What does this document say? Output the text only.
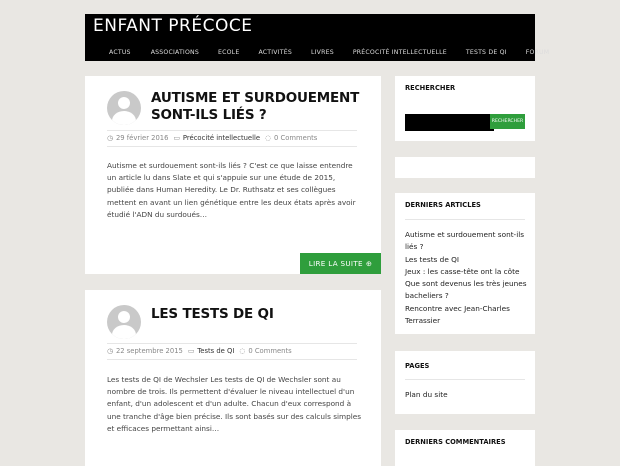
ENFANT PRÉCOCE
ACTUS	ASSOCIATIONS	ECOLE	ACTIVITÉS	LIVRES	PRÉCOCITÉ INTELLECTUELLE	TESTS DE QI	FORUM
AUTISME ET SURDOUEMENT SONT-ILS LIÉS ?
◷ 29 février 2016 ▭ Précocité intellectuelle ◌ 0 Comments
Autisme et surdouement sont-ils liés ? C'est ce que laisse entendre un article lu dans Slate et qui s'appuie sur une étude de 2015, publiée dans Human Heredity. Le Dr. Ruthsatz et ses collègues mettent en avant un lien génétique entre les deux états après avoir étudié l'ADN du surdoués…
LIRE LA SUITE ⊕
LES TESTS DE QI
◷ 22 septembre 2015 ▭ Tests de QI ◌ 0 Comments
Les tests de QI de Wechsler Les tests de QI de Wechsler sont au nombre de trois. Ils permettent d'évaluer le niveau intellectuel d'un enfant, d'un adolescent et d'un adulte. Chacun d'eux correspond à une tranche d'âge bien précise. Ils sont basés sur des calculs simples et efficaces permettant ainsi…
RECHERCHER
RECHERCHER
DERNIERS ARTICLES
Autisme et surdouement sont-ils liés ?
Les tests de QI
Jeux : les casse-tête ont la côte
Que sont devenus les très jeunes bacheliers ?
Rencontre avec Jean-Charles Terrassier
PAGES
Plan du site
DERNIERS COMMENTAIRES
